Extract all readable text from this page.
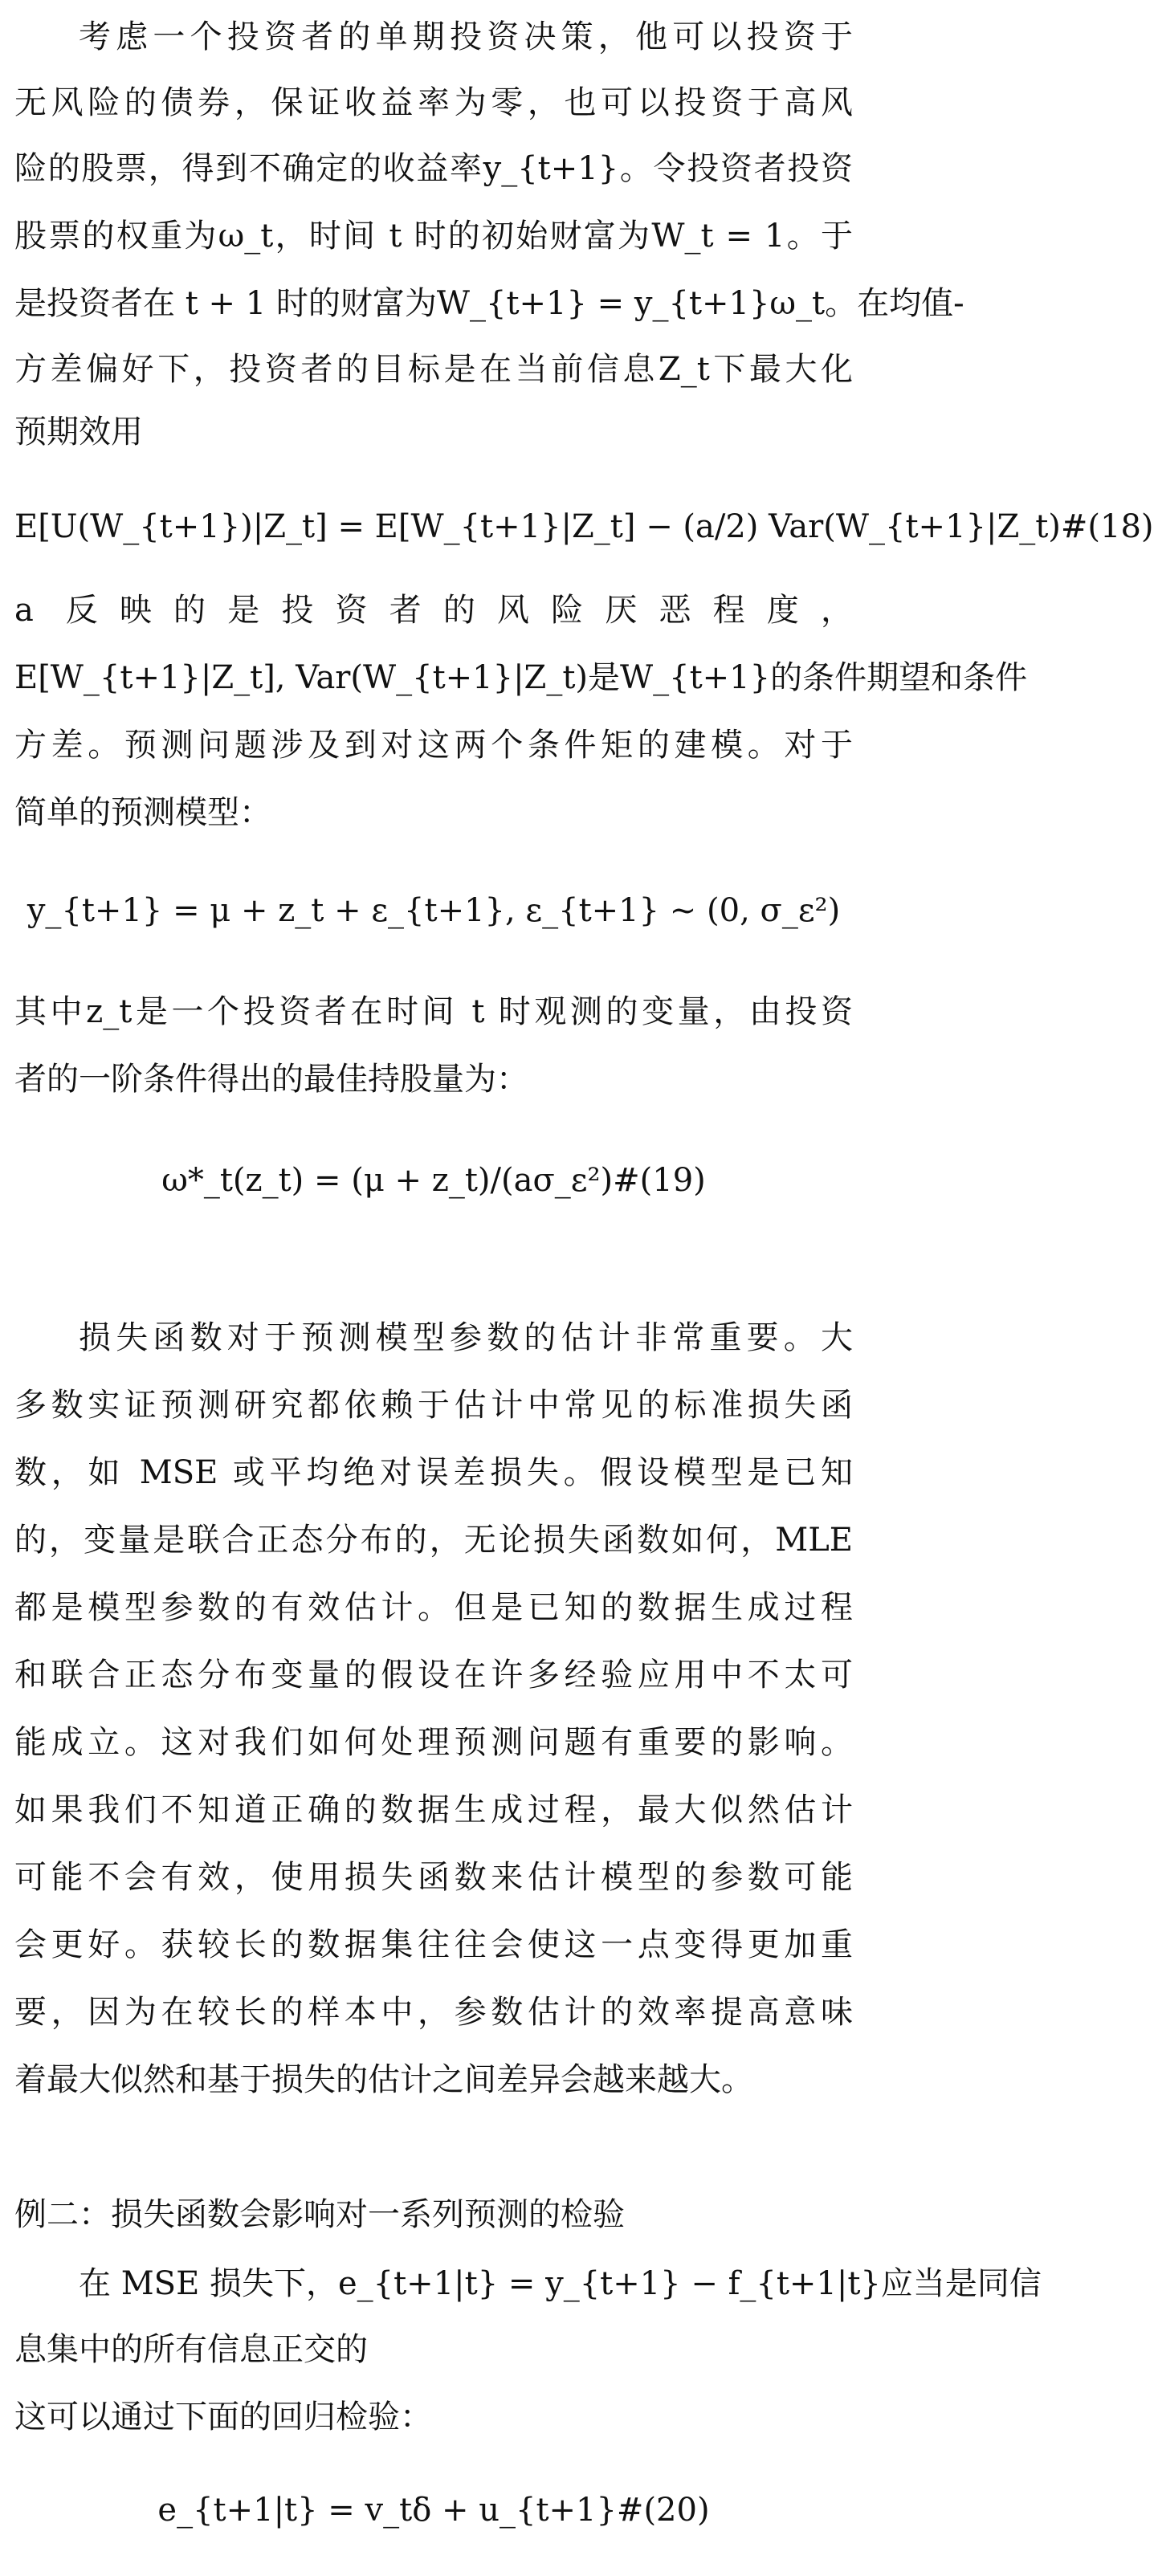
考虑一个投资者的单期投资决策，他可以投资于
无风险的债券，保证收益率为零，也可以投资于高风
险的股票，得到不确定的收益率y_{t+1}。令投资者投资
股票的权重为ω_t，时间 t 时的初始财富为W_t = 1。于
是投资者在 t + 1 时的财富为W_{t+1} = y_{t+1}ω_t。在均值-
方差偏好下，投资者的目标是在当前信息Z_t下最大化
预期效用
E[U(W_{t+1})|Z_t] = E[W_{t+1}|Z_t] − (a/2) Var(W_{t+1}|Z_t)#(18)
a 反映的是投资者的风险厌恶程度，
E[W_{t+1}|Z_t], Var(W_{t+1}|Z_t)是W_{t+1}的条件期望和条件
方差。预测问题涉及到对这两个条件矩的建模。对于
简单的预测模型：
y_{t+1} = μ + z_t + ε_{t+1}, ε_{t+1} ~ (0, σ_ε²)
其中z_t是一个投资者在时间 t 时观测的变量，由投资
者的一阶条件得出的最佳持股量为：
ω*_t(z_t) = (μ + z_t)/(aσ_ε²)#(19)
损失函数对于预测模型参数的估计非常重要。大
多数实证预测研究都依赖于估计中常见的标准损失函
数，如 MSE 或平均绝对误差损失。假设模型是已知
的，变量是联合正态分布的，无论损失函数如何，MLE
都是模型参数的有效估计。但是已知的数据生成过程
和联合正态分布变量的假设在许多经验应用中不太可
能成立。这对我们如何处理预测问题有重要的影响。
如果我们不知道正确的数据生成过程，最大似然估计
可能不会有效，使用损失函数来估计模型的参数可能
会更好。获较长的数据集往往会使这一点变得更加重
要，因为在较长的样本中，参数估计的效率提高意味
着最大似然和基于损失的估计之间差异会越来越大。
例二：损失函数会影响对一系列预测的检验
在 MSE 损失下，e_{t+1|t} = y_{t+1} − f_{t+1|t}应当是同信
息集中的所有信息正交的
这可以通过下面的回归检验：
e_{t+1|t} = v_tδ + u_{t+1}#(20)
